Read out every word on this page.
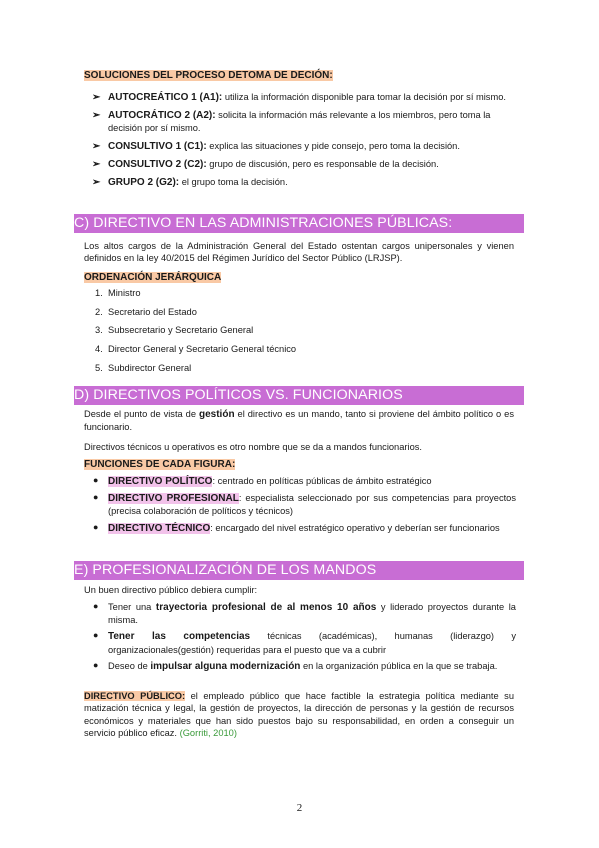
SOLUCIONES DEL PROCESO DETOMA DE DECIÓN:
➢ AUTOCREÁTICO 1 (A1): utiliza la información disponible para tomar la decisión por sí mismo.
➢ AUTOCRÁTICO 2 (A2): solicita la información más relevante a los miembros, pero toma la decisión por sí mismo.
➢ CONSULTIVO 1 (C1): explica las situaciones y pide consejo, pero toma la decisión.
➢ CONSULTIVO 2 (C2): grupo de discusión, pero es responsable de la decisión.
➢ GRUPO 2 (G2): el grupo toma la decisión.
C) DIRECTIVO EN LAS ADMINISTRACIONES PÚBLICAS:
Los altos cargos de la Administración General del Estado ostentan cargos unipersonales y vienen definidos en la ley 40/2015 del Régimen Jurídico del Sector Público (LRJSP).
ORDENACIÓN JERÁRQUICA
1. Ministro
2. Secretario del Estado
3. Subsecretario y Secretario General
4. Director General y Secretario General técnico
5. Subdirector General
D) DIRECTIVOS POLÍTICOS VS. FUNCIONARIOS
Desde el punto de vista de gestión el directivo es un mando, tanto si proviene del ámbito político o es funcionario.
Directivos técnicos u operativos es otro nombre que se da a mandos funcionarios.
FUNCIONES DE CADA FIGURA:
● DIRECTIVO POLÍTICO: centrado en políticas públicas de ámbito estratégico
● DIRECTIVO PROFESIONAL: especialista seleccionado por sus competencias para proyectos (precisa colaboración de políticos y técnicos)
● DIRECTIVO TÉCNICO: encargado del nivel estratégico operativo y deberían ser funcionarios
E) PROFESIONALIZACIÓN DE LOS MANDOS
Un buen directivo público debiera cumplir:
● Tener una trayectoria profesional de al menos 10 años y liderado proyectos durante la misma.
● Tener las competencias técnicas (académicas), humanas (liderazgo) y organizacionales(gestión) requeridas para el puesto que va a cubrir
● Deseo de impulsar alguna modernización en la organización pública en la que se trabaja.
DIRECTIVO PÚBLICO: el empleado público que hace factible la estrategia política mediante su matización técnica y legal, la gestión de proyectos, la dirección de personas y la gestión de recursos económicos y materiales que han sido puestos bajo su responsabilidad, en orden a conseguir un servicio público eficaz. (Gorriti, 2010)
2
